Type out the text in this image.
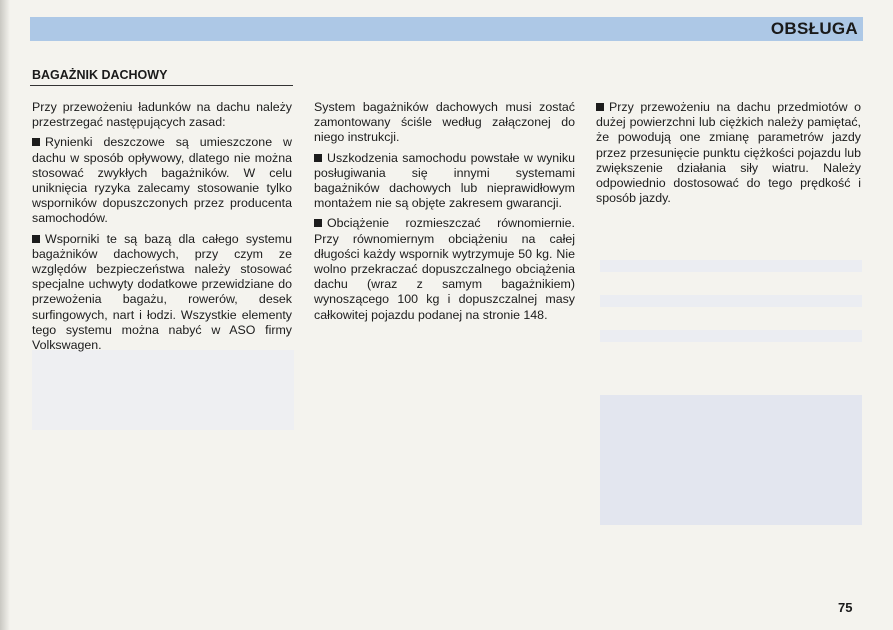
OBSŁUGA
BAGAŻNIK DACHOWY

Przy przewożeniu ładunków na dachu należy przestrzegać następujących zasad:

Rynienki deszczowe są umieszczone w dachu w sposób opływowy, dlatego nie można stosować zwykłych bagażników. W celu uniknięcia ryzyka zalecamy stosowanie tylko wsporników dopuszczonych przez producenta samochodów.

Wsporniki te są bazą dla całego systemu bagażników dachowych, przy czym ze względów bezpieczeństwa należy stosować specjalne uchwyty dodatkowe przewidziane do przewożenia bagażu, rowerów, desek surfingowych, nart i łodzi. Wszystkie elementy tego systemu można nabyć w ASO firmy Volkswagen.

System bagażników dachowych musi zostać zamontowany ściśle według załączonej do niego instrukcji.

Uszkodzenia samochodu powstałe w wyniku posługiwania się innymi systemami bagażników dachowych lub nieprawidłowym montażem nie są objęte zakresem gwarancji.

Obciążenie rozmieszczać równomiernie. Przy równomiernym obciążeniu na całej długości każdy wspornik wytrzymuje 50 kg. Nie wolno przekraczać dopuszczalnego obciążenia dachu (wraz z samym bagażnikiem) wynoszącego 100 kg i dopuszczalnej masy całkowitej pojazdu podanej na stronie 148.

Przy przewożeniu na dachu przedmiotów o dużej powierzchni lub ciężkich należy pamiętać, że powodują one zmianę parametrów jazdy przez przesunięcie punktu ciężkości pojazdu lub zwiększenie działania siły wiatru. Należy odpowiednio dostosować do tego prędkość i sposób jazdy.

75
